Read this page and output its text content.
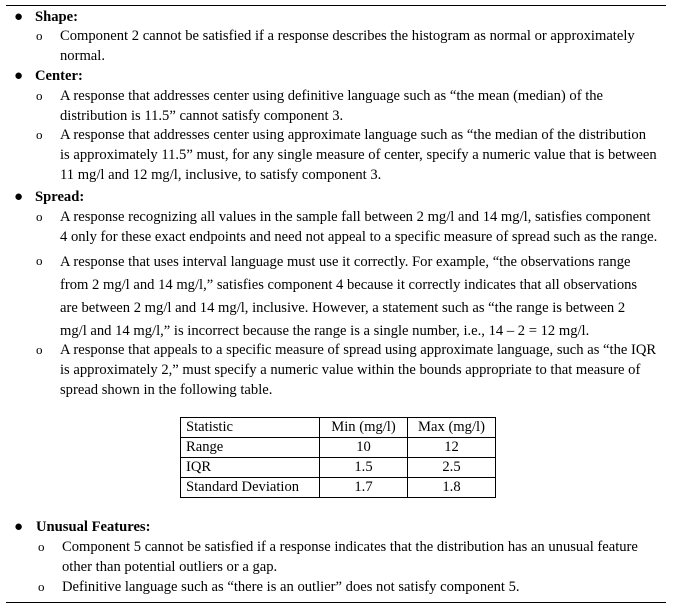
● Shape:
o Component 2 cannot be satisfied if a response describes the histogram as normal or approximately
normal.
● Center:
o A response that addresses center using definitive language such as “the mean (median) of the
distribution is 11.5” cannot satisfy component 3.
o A response that addresses center using approximate language such as “the median of the distribution
is approximately 11.5” must, for any single measure of center, specify a numeric value that is between
11 mg/l and 12 mg/l, inclusive, to satisfy component 3.
● Spread:
o A response recognizing all values in the sample fall between 2 mg/l and 14 mg/l, satisfies component
4 only for these exact endpoints and need not appeal to a specific measure of spread such as the range.
o A response that uses interval language must use it correctly. For example, “the observations range
from 2 mg/l and 14 mg/l,” satisfies component 4 because it correctly indicates that all observations
are between 2 mg/l and 14 mg/l, inclusive. However, a statement such as “the range is between 2
mg/l and 14 mg/l,” is incorrect because the range is a single number, i.e., 14 – 2 = 12 mg/l.
o A response that appeals to a specific measure of spread using approximate language, such as “the IQR
is approximately 2,” must specify a numeric value within the bounds appropriate to that measure of
spread shown in the following table.
Statistic	Min (mg/l)	Max (mg/l)
Range	10	12
IQR	1.5	2.5
Standard Deviation	1.7	1.8
● Unusual Features:
o Component 5 cannot be satisfied if a response indicates that the distribution has an unusual feature
other than potential outliers or a gap.
o Definitive language such as “there is an outlier” does not satisfy component 5.
